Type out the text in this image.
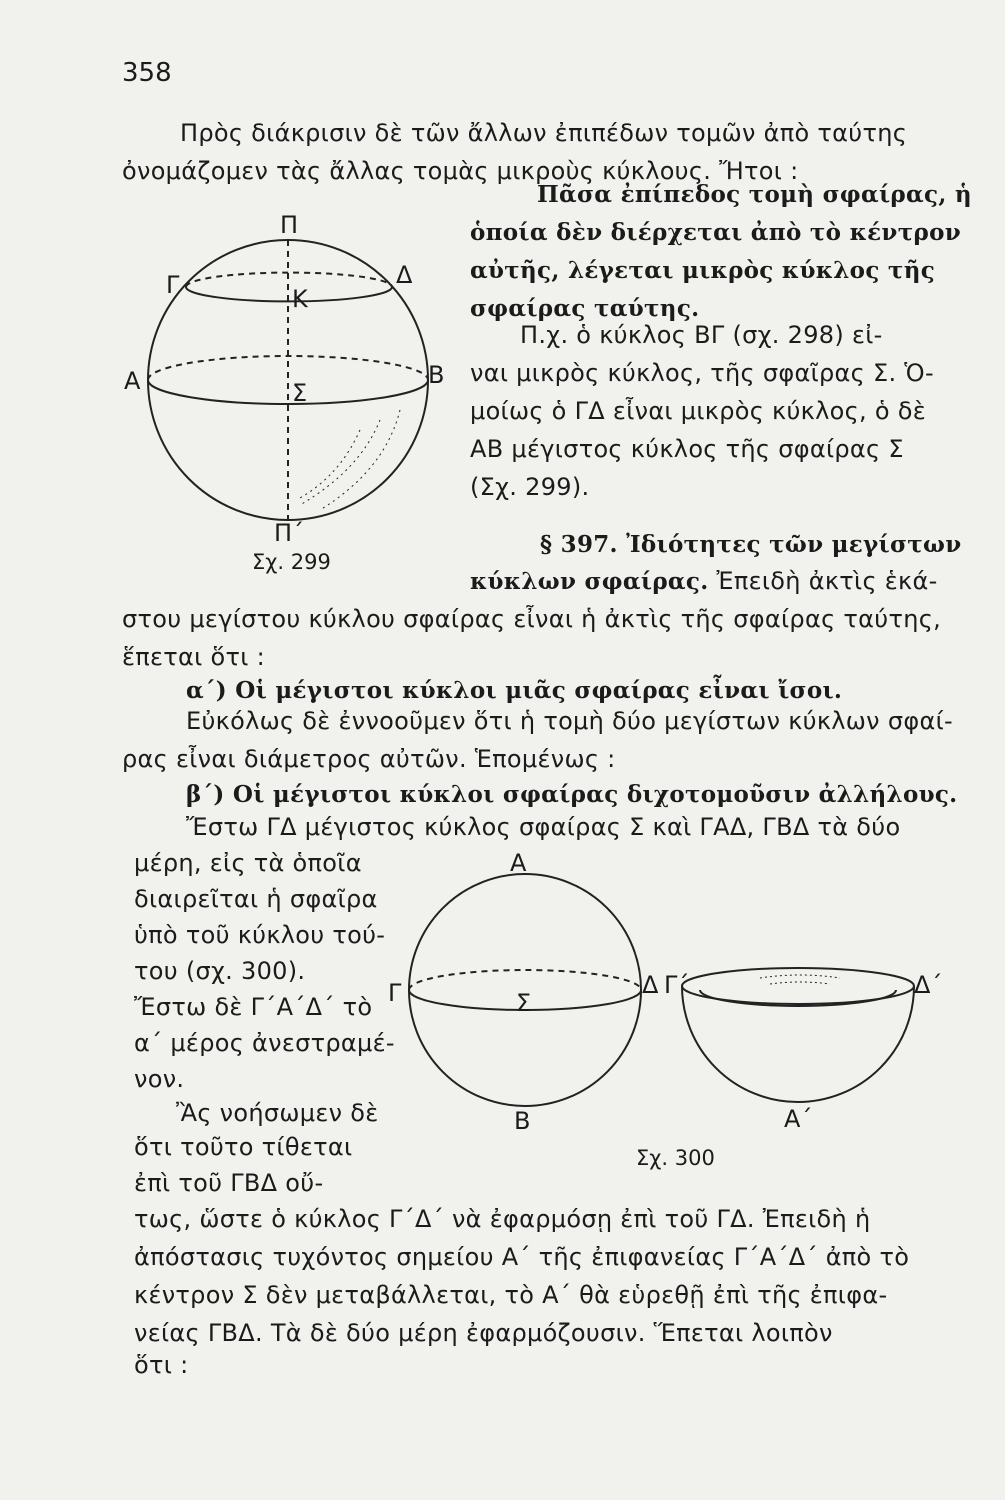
358
Πρὸς διάκρισιν δὲ τῶν ἄλλων ἐπιπέδων τομῶν ἀπὸ ταύτης
ὀνομάζομεν τὰς ἄλλας τομὰς μικροὺς κύκλους. Ἤτοι :
Πᾶσα ἐπίπεδος τομὴ σφαίρας, ἡ
ὁποία δὲν διέρχεται ἀπὸ τὸ κέντρον
αὐτῆς, λέγεται μικρὸς κύκλος τῆς
σφαίρας ταύτης.
Π.χ. ὁ κύκλος ΒΓ (σχ. 298) εἰ-
ναι μικρὸς κύκλος, τῆς σφαῖρας Σ. Ὁ-
μοίως ὁ ΓΔ εἶναι μικρὸς κύκλος, ὁ δὲ
ΑΒ μέγιστος κύκλος τῆς σφαίρας Σ
(Σχ. 299).
§ 397. Ἰδιότητες τῶν μεγίστων
κύκλων σφαίρας. Ἐπειδὴ ἀκτὶς ἑκά-
στου μεγίστου κύκλου σφαίρας εἶναι ἡ ἀκτὶς τῆς σφαίρας ταύτης,
ἕπεται ὅτι :
α΄) Οἱ μέγιστοι κύκλοι μιᾶς σφαίρας εἶναι ἴσοι.
Εὐκόλως δὲ ἐννοοῦμεν ὅτι ἡ τομὴ δύο μεγίστων κύκλων σφαί-
ρας εἶναι διάμετρος αὐτῶν. Ἑπομένως :
β΄) Οἱ μέγιστοι κύκλοι σφαίρας διχοτομοῦσιν ἀλλήλους.
Ἔστω ΓΔ μέγιστος κύκλος σφαίρας Σ καὶ ΓΑΔ, ΓΒΔ τὰ δύο
μέρη, εἰς τὰ ὁποῖα
διαιρεῖται ἡ σφαῖρα
ὑπὸ τοῦ κύκλου τού-
του (σχ. 300).
Ἔστω δὲ Γ΄Α΄Δ΄ τὸ
α΄ μέρος ἀνεστραμέ-
νον.
Ἂς νοήσωμεν δὲ
ὅτι τοῦτο τίθεται
ἐπὶ τοῦ ΓΒΔ οὔ-
τως, ὥστε ὁ κύκλος Γ΄Δ΄ νὰ ἐφαρμόσῃ ἐπὶ τοῦ ΓΔ. Ἐπειδὴ ἡ
ἀπόστασις τυχόντος σημείου Α΄ τῆς ἐπιφανείας Γ΄Α΄Δ΄ ἀπὸ τὸ
κέντρον Σ δὲν μεταβάλλεται, τὸ Α΄ θὰ εὑρεθῇ ἐπὶ τῆς ἐπιφα-
νείας ΓΒΔ. Τὰ δὲ δύο μέρη ἐφαρμόζουσιν. Ἕπεται λοιπὸν
ὅτι :
Π
Γ	Δ
Κ
Α	Β
Σ
Π΄
Σχ. 299
Α
Γ	Δ
Σ
Β
Γ΄	Δ΄
Α΄
Σχ. 300
